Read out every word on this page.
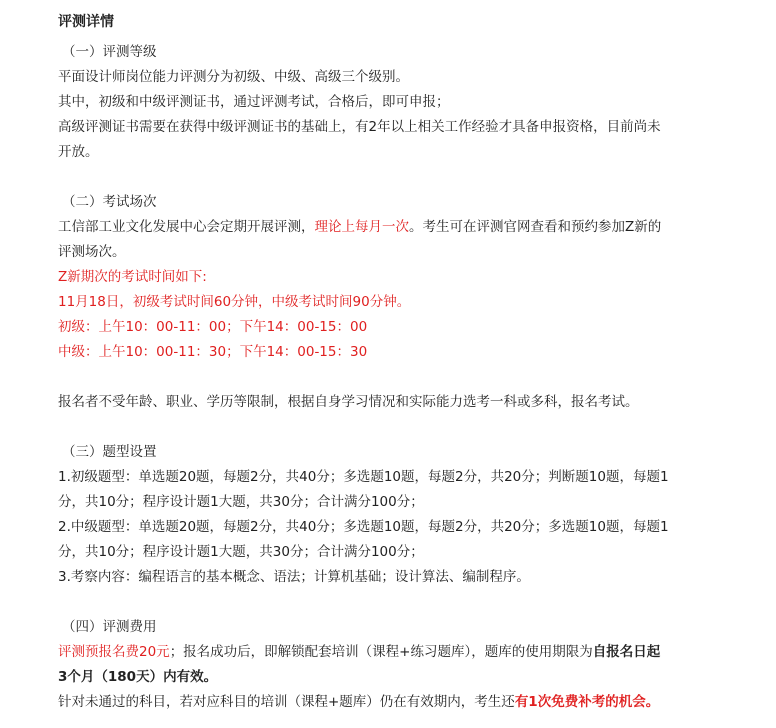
评测详情
（一）评测等级
平面设计师岗位能力评测分为初级、中级、高级三个级别。
其中，初级和中级评测证书，通过评测考试，合格后，即可申报；
高级评测证书需要在获得中级评测证书的基础上，有2年以上相关工作经验才具备申报资格，目前尚未
开放。
（二）考试场次
工信部工业文化发展中心会定期开展评测，理论上每月一次。考生可在评测官网查看和预约参加Z新的
评测场次。
Z新期次的考试时间如下:
11月18日，初级考试时间60分钟，中级考试时间90分钟。
初级：上午10：00-11：00；下午14：00-15：00
中级：上午10：00-11：30；下午14：00-15：30
报名者不受年龄、职业、学历等限制，根据自身学习情况和实际能力选考一科或多科，报名考试。
（三）题型设置
1.初级题型：单选题20题，每题2分，共40分；多选题10题，每题2分，共20分；判断题10题，每题1
分，共10分；程序设计题1大题，共30分；合计满分100分；
2.中级题型：单选题20题，每题2分，共40分；多选题10题，每题2分，共20分；多选题10题，每题1
分，共10分；程序设计题1大题，共30分；合计满分100分；
3.考察内容：编程语言的基本概念、语法；计算机基础；设计算法、编制程序。
（四）评测费用
评测预报名费20元；报名成功后，即解锁配套培训（课程+练习题库），题库的使用期限为自报名日起
3个月（180天）内有效。
针对未通过的科目，若对应科目的培训（课程+题库）仍在有效期内，考生还有1次免费补考的机会。
